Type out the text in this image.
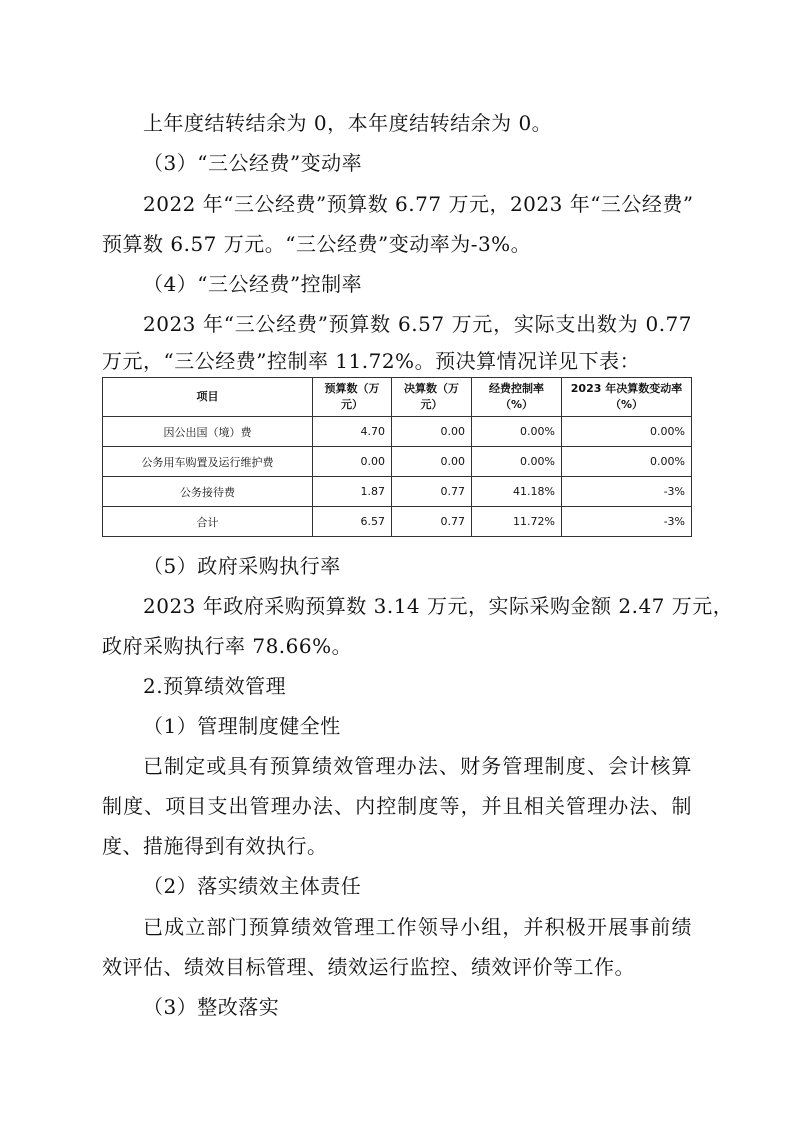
上年度结转结余为 0，本年度结转结余为 0。
（3）“三公经费”变动率
2022 年“三公经费”预算数 6.77 万元，2023 年“三公经费”
预算数 6.57 万元。“三公经费”变动率为-3%。
（4）“三公经费”控制率
2023 年“三公经费”预算数 6.57 万元，实际支出数为 0.77
万元，“三公经费”控制率 11.72%。预决算情况详见下表：
项目	预算数（万元）	决算数（万元）	经费控制率（%）	2023 年决算数变动率（%）
因公出国（境）费	4.70	0.00	0.00%	0.00%
公务用车购置及运行维护费	0.00	0.00	0.00%	0.00%
公务接待费	1.87	0.77	41.18%	-3%
合计	6.57	0.77	11.72%	-3%
（5）政府采购执行率
2023 年政府采购预算数 3.14 万元，实际采购金额 2.47 万元，
政府采购执行率 78.66%。
2.预算绩效管理
（1）管理制度健全性
已制定或具有预算绩效管理办法、财务管理制度、会计核算
制度、项目支出管理办法、内控制度等，并且相关管理办法、制
度、措施得到有效执行。
（2）落实绩效主体责任
已成立部门预算绩效管理工作领导小组，并积极开展事前绩
效评估、绩效目标管理、绩效运行监控、绩效评价等工作。
（3）整改落实
